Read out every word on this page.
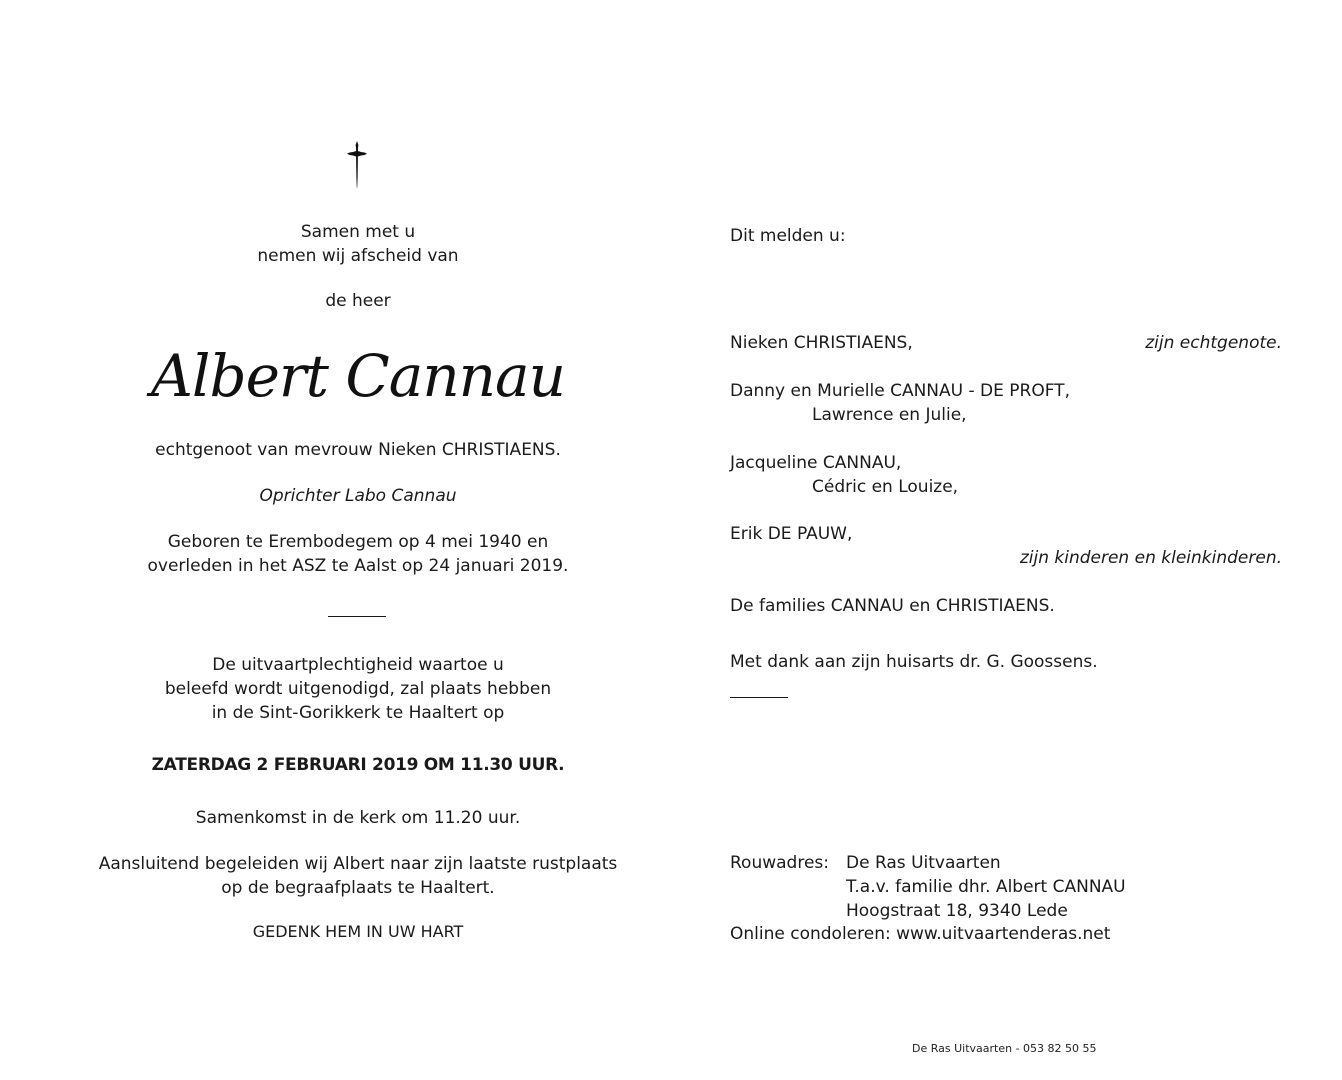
Samen met u
nemen wij afscheid van
de heer
Albert Cannau
echtgenoot van mevrouw Nieken CHRISTIAENS.
Oprichter Labo Cannau
Geboren te Erembodegem op 4 mei 1940 en
overleden in het ASZ te Aalst op 24 januari 2019.
De uitvaartplechtigheid waartoe u
beleefd wordt uitgenodigd, zal plaats hebben
in de Sint-Gorikkerk te Haaltert op
ZATERDAG 2 FEBRUARI 2019 OM 11.30 UUR.
Samenkomst in de kerk om 11.20 uur.
Aansluitend begeleiden wij Albert naar zijn laatste rustplaats
op de begraafplaats te Haaltert.
GEDENK HEM IN UW HART
Dit melden u:
Nieken CHRISTIAENS,	zijn echtgenote.
Danny en Murielle CANNAU - DE PROFT,
Lawrence en Julie,
Jacqueline CANNAU,
Cédric en Louize,
Erik DE PAUW,
zijn kinderen en kleinkinderen.
De families CANNAU en CHRISTIAENS.
Met dank aan zijn huisarts dr. G. Goossens.
Rouwadres: De Ras Uitvaarten
T.a.v. familie dhr. Albert CANNAU
Hoogstraat 18, 9340 Lede
Online condoleren: www.uitvaartenderas.net
De Ras Uitvaarten - 053 82 50 55
